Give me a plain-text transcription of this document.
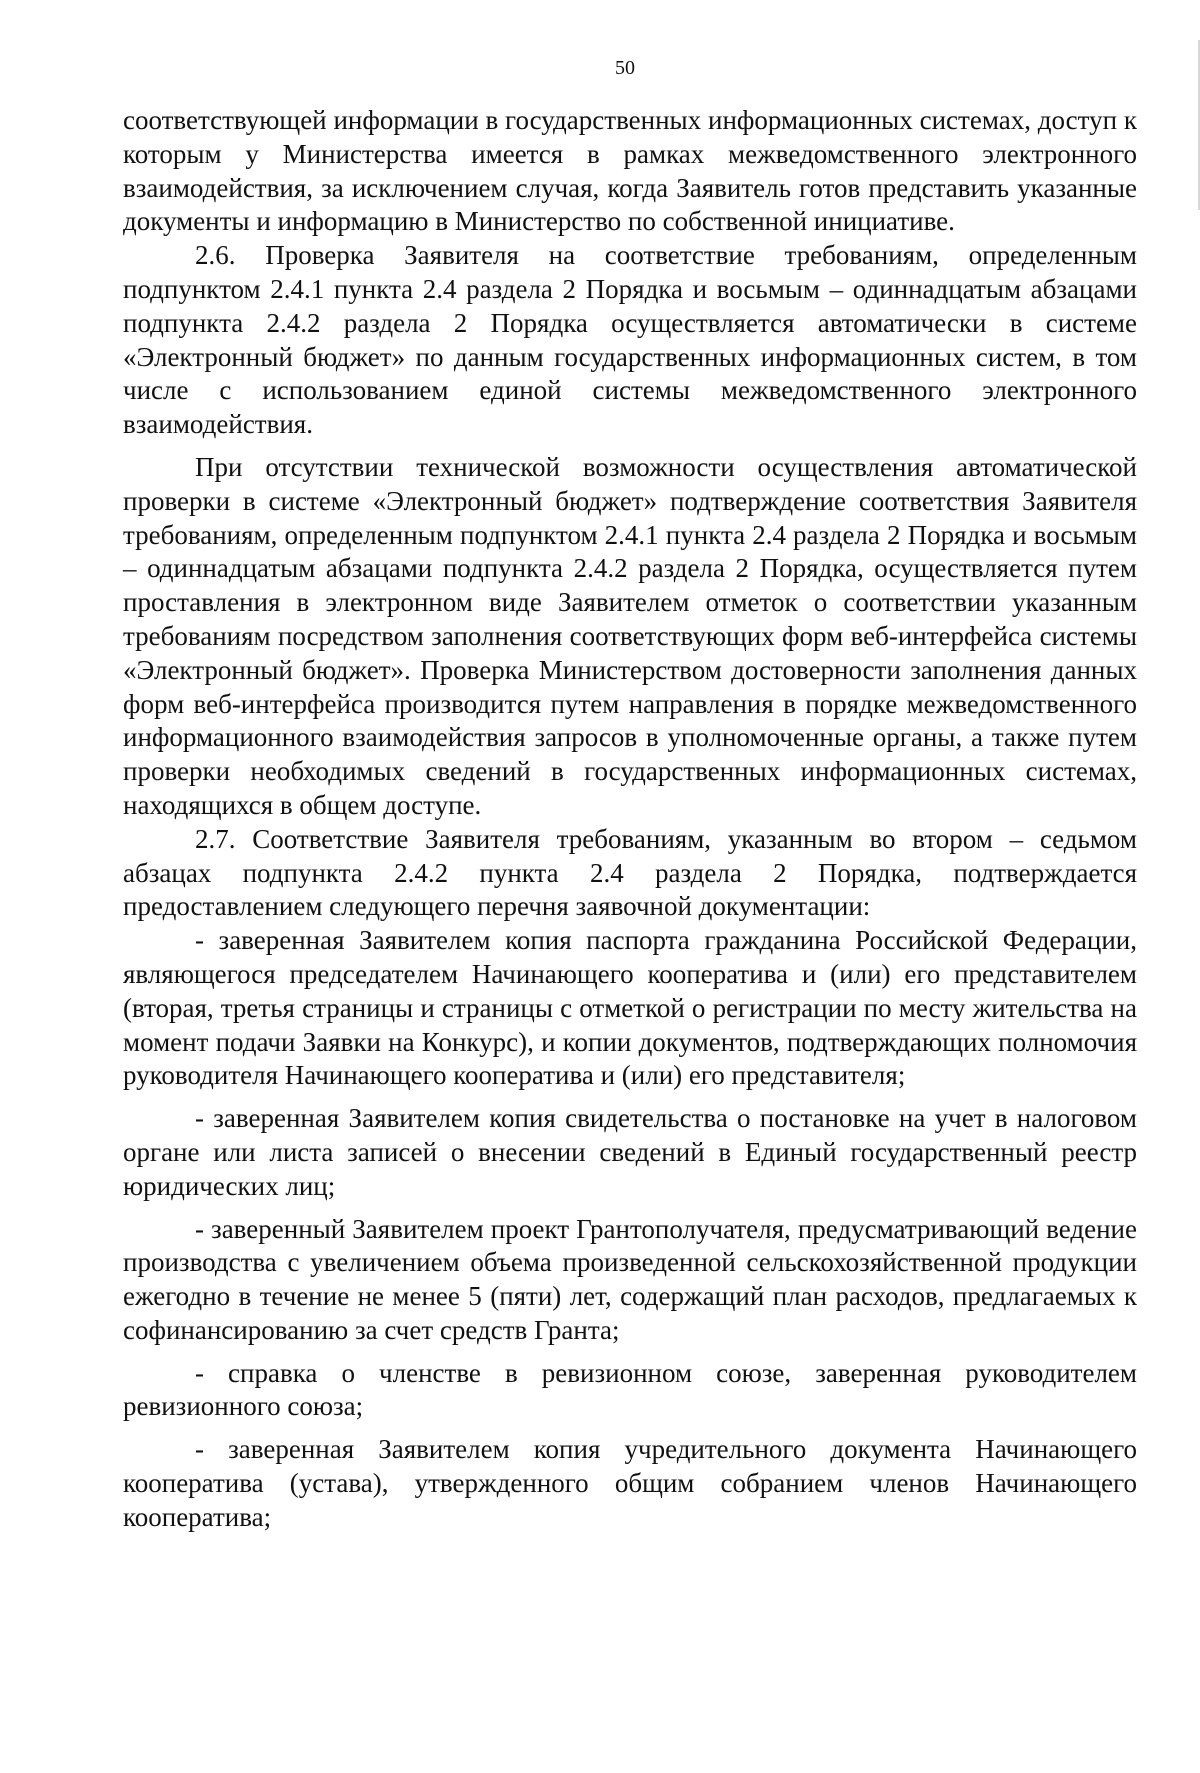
50

соответствующей информации в государственных информационных системах, доступ к которым у Министерства имеется в рамках межведомственного электронного взаимодействия, за исключением случая, когда Заявитель готов представить указанные документы и информацию в Министерство по собственной инициативе.

2.6. Проверка Заявителя на соответствие требованиям, определенным подпунктом 2.4.1 пункта 2.4 раздела 2 Порядка и восьмым – одиннадцатым абзацами подпункта 2.4.2 раздела 2 Порядка осуществляется автоматически в системе «Электронный бюджет» по данным государственных информационных систем, в том числе с использованием единой системы межведомственного электронного взаимодействия.

При отсутствии технической возможности осуществления автоматической проверки в системе «Электронный бюджет» подтверждение соответствия Заявителя требованиям, определенным подпунктом 2.4.1 пункта 2.4 раздела 2 Порядка и восьмым – одиннадцатым абзацами подпункта 2.4.2 раздела 2 Порядка, осуществляется путем проставления в электронном виде Заявителем отметок о соответствии указанным требованиям посредством заполнения соответствующих форм веб-интерфейса системы «Электронный бюджет». Проверка Министерством достоверности заполнения данных форм веб-интерфейса производится путем направления в порядке межведомственного информационного взаимодействия запросов в уполномоченные органы, а также путем проверки необходимых сведений в государственных информационных системах, находящихся в общем доступе.

2.7. Соответствие Заявителя требованиям, указанным во втором – седьмом абзацах подпункта 2.4.2 пункта 2.4 раздела 2 Порядка, подтверждается предоставлением следующего перечня заявочной документации:

- заверенная Заявителем копия паспорта гражданина Российской Федерации, являющегося председателем Начинающего кооператива и (или) его представителем (вторая, третья страницы и страницы с отметкой о регистрации по месту жительства на момент подачи Заявки на Конкурс), и копии документов, подтверждающих полномочия руководителя Начинающего кооператива и (или) его представителя;

- заверенная Заявителем копия свидетельства о постановке на учет в налоговом органе или листа записей о внесении сведений в Единый государственный реестр юридических лиц;

- заверенный Заявителем проект Грантополучателя, предусматривающий ведение производства с увеличением объема произведенной сельскохозяйственной продукции ежегодно в течение не менее 5 (пяти) лет, содержащий план расходов, предлагаемых к софинансированию за счет средств Гранта;

- справка о членстве в ревизионном союзе, заверенная руководителем ревизионного союза;

- заверенная Заявителем копия учредительного документа Начинающего кооператива (устава), утвержденного общим собранием членов Начинающего кооператива;
